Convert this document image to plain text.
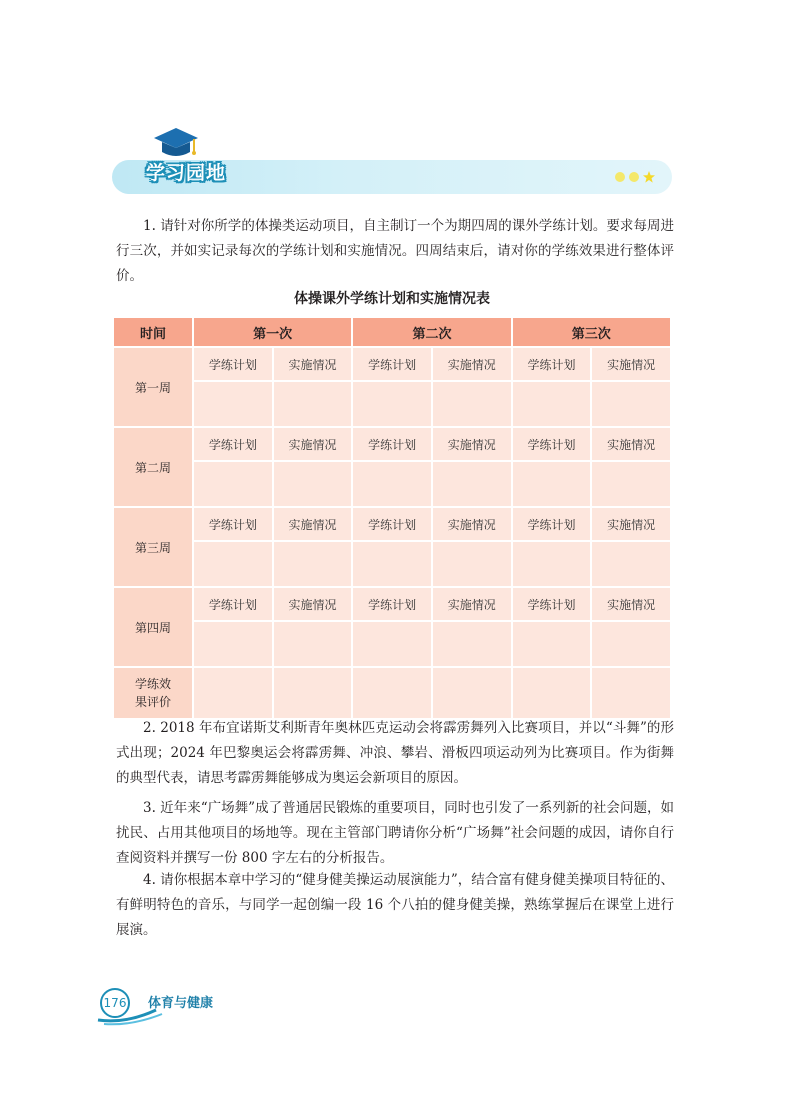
学习园地

1. 请针对你所学的体操类运动项目，自主制订一个为期四周的课外学练计划。要求每周进行三次，并如实记录每次的学练计划和实施情况。四周结束后，请对你的学练效果进行整体评价。

体操课外学练计划和实施情况表
时间	第一次		第二次		第三次	
第一周	学练计划	实施情况	学练计划	实施情况	学练计划	实施情况

第二周	学练计划	实施情况	学练计划	实施情况	学练计划	实施情况

第三周	学练计划	实施情况	学练计划	实施情况	学练计划	实施情况

第四周	学练计划	实施情况	学练计划	实施情况	学练计划	实施情况

学练效
果评价						

2. 2018 年布宜诺斯艾利斯青年奥林匹克运动会将霹雳舞列入比赛项目，并以“斗舞”的形式出现；2024 年巴黎奥运会将霹雳舞、冲浪、攀岩、滑板四项运动列为比赛项目。作为街舞的典型代表，请思考霹雳舞能够成为奥运会新项目的原因。

3. 近年来“广场舞”成了普通居民锻炼的重要项目，同时也引发了一系列新的社会问题，如扰民、占用其他项目的场地等。现在主管部门聘请你分析“广场舞”社会问题的成因，请你自行查阅资料并撰写一份 800 字左右的分析报告。

4. 请你根据本章中学习的“健身健美操运动展演能力”，结合富有健身健美操项目特征的、有鲜明特色的音乐，与同学一起创编一段 16 个八拍的健身健美操，熟练掌握后在课堂上进行展演。

176 体育与健康
